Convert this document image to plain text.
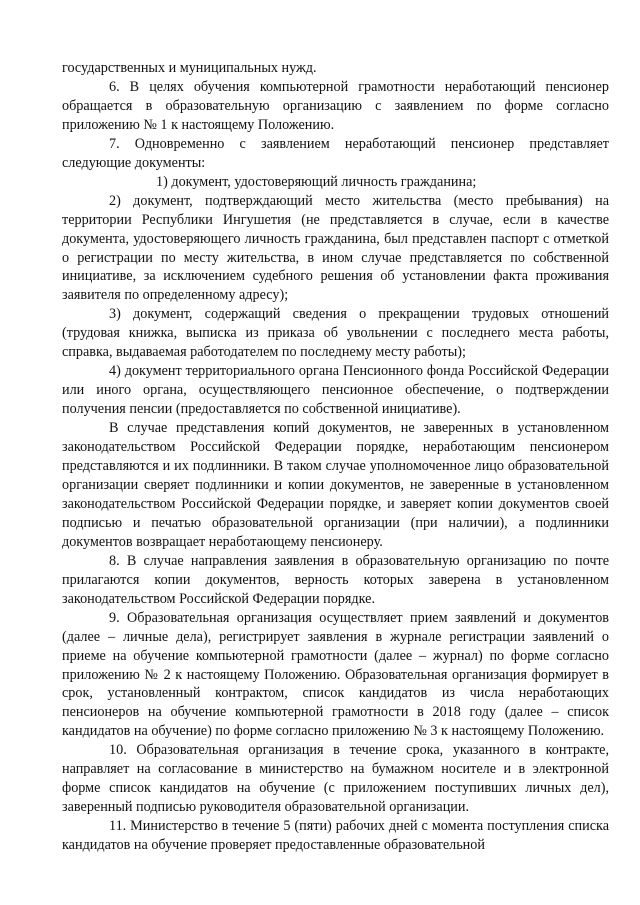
государственных и муниципальных нужд.

6. В целях обучения компьютерной грамотности неработающий пенсионер обращается в образовательную организацию с заявлением по форме согласно приложению № 1 к настоящему Положению.

7. Одновременно с заявлением неработающий пенсионер представляет следующие документы:

1) документ, удостоверяющий личность гражданина;

2) документ, подтверждающий место жительства (место пребывания) на территории Республики Ингушетия (не представляется в случае, если в качестве документа, удостоверяющего личность гражданина, был представлен паспорт с отметкой о регистрации по месту жительства, в ином случае представляется по собственной инициативе, за исключением судебного решения об установлении факта проживания заявителя по определенному адресу);

3) документ, содержащий сведения о прекращении трудовых отношений (трудовая книжка, выписка из приказа об увольнении с последнего места работы, справка, выдаваемая работодателем по последнему месту работы);

4) документ территориального органа Пенсионного фонда Российской Федерации или иного органа, осуществляющего пенсионное обеспечение, о подтверждении получения пенсии (предоставляется по собственной инициативе).

В случае представления копий документов, не заверенных в установленном законодательством Российской Федерации порядке, неработающим пенсионером представляются и их подлинники. В таком случае уполномоченное лицо образовательной организации сверяет подлинники и копии документов, не заверенные в установленном законодательством Российской Федерации порядке, и заверяет копии документов своей подписью и печатью образовательной организации (при наличии), а подлинники документов возвращает неработающему пенсионеру.

8. В случае направления заявления в образовательную организацию по почте прилагаются копии документов, верность которых заверена в установленном законодательством Российской Федерации порядке.

9. Образовательная организация осуществляет прием заявлений и документов (далее – личные дела), регистрирует заявления в журнале регистрации заявлений о приеме на обучение компьютерной грамотности (далее – журнал) по форме согласно приложению № 2 к настоящему Положению. Образовательная организация формирует в срок, установленный контрактом, список кандидатов из числа неработающих пенсионеров на обучение компьютерной грамотности в 2018 году (далее – список кандидатов на обучение) по форме согласно приложению № 3 к настоящему Положению.

10. Образовательная организация в течение срока, указанного в контракте, направляет на согласование в министерство на бумажном носителе и в электронной форме список кандидатов на обучение (с приложением поступивших личных дел), заверенный подписью руководителя образовательной организации.

11. Министерство в течение 5 (пяти) рабочих дней с момента поступления списка кандидатов на обучение проверяет предоставленные образовательной
